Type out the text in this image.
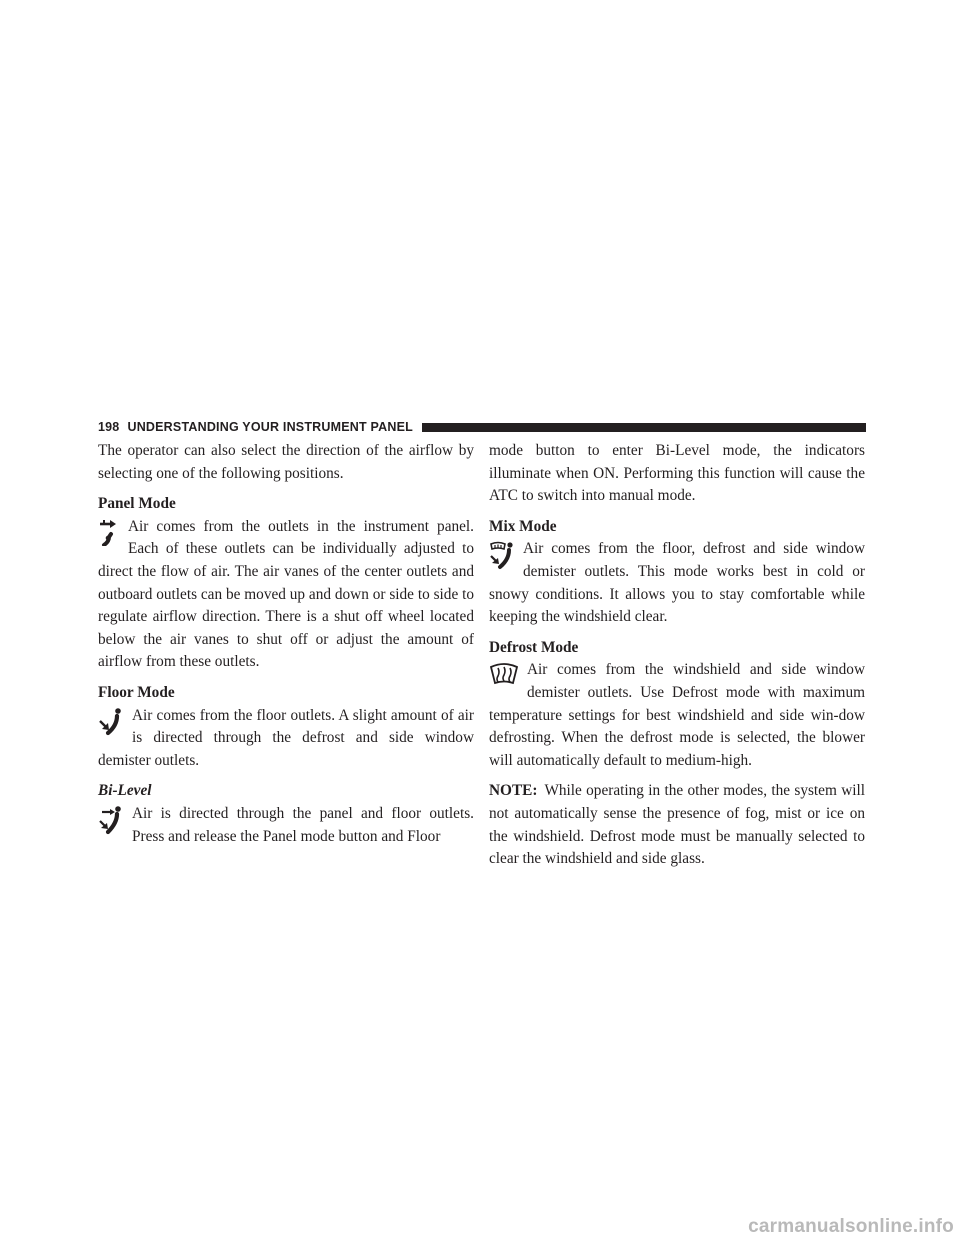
198 UNDERSTANDING YOUR INSTRUMENT PANEL

The operator can also select the direction of the airflow by selecting one of the following positions.

Panel Mode

Air comes from the outlets in the instrument panel. Each of these outlets can be individually adjusted to direct the flow of air. The air vanes of the center outlets and outboard outlets can be moved up and down or side to side to regulate airflow direction. There is a shut off wheel located below the air vanes to shut off or adjust the amount of airflow from these outlets.

Floor Mode

Air comes from the floor outlets. A slight amount of air is directed through the defrost and side window demister outlets.

Bi-Level

Air is directed through the panel and floor outlets. Press and release the Panel mode button and Floor

mode button to enter Bi-Level mode, the indicators illuminate when ON. Performing this function will cause the ATC to switch into manual mode.

Mix Mode

Air comes from the floor, defrost and side window demister outlets. This mode works best in cold or snowy conditions. It allows you to stay comfortable while keeping the windshield clear.

Defrost Mode

Air comes from the windshield and side window demister outlets. Use Defrost mode with maximum temperature settings for best windshield and side win-dow defrosting. When the defrost mode is selected, the blower will automatically default to medium-high.

NOTE: While operating in the other modes, the system will not automatically sense the presence of fog, mist or ice on the windshield. Defrost mode must be manually selected to clear the windshield and side glass.

carmanualsonline.info
